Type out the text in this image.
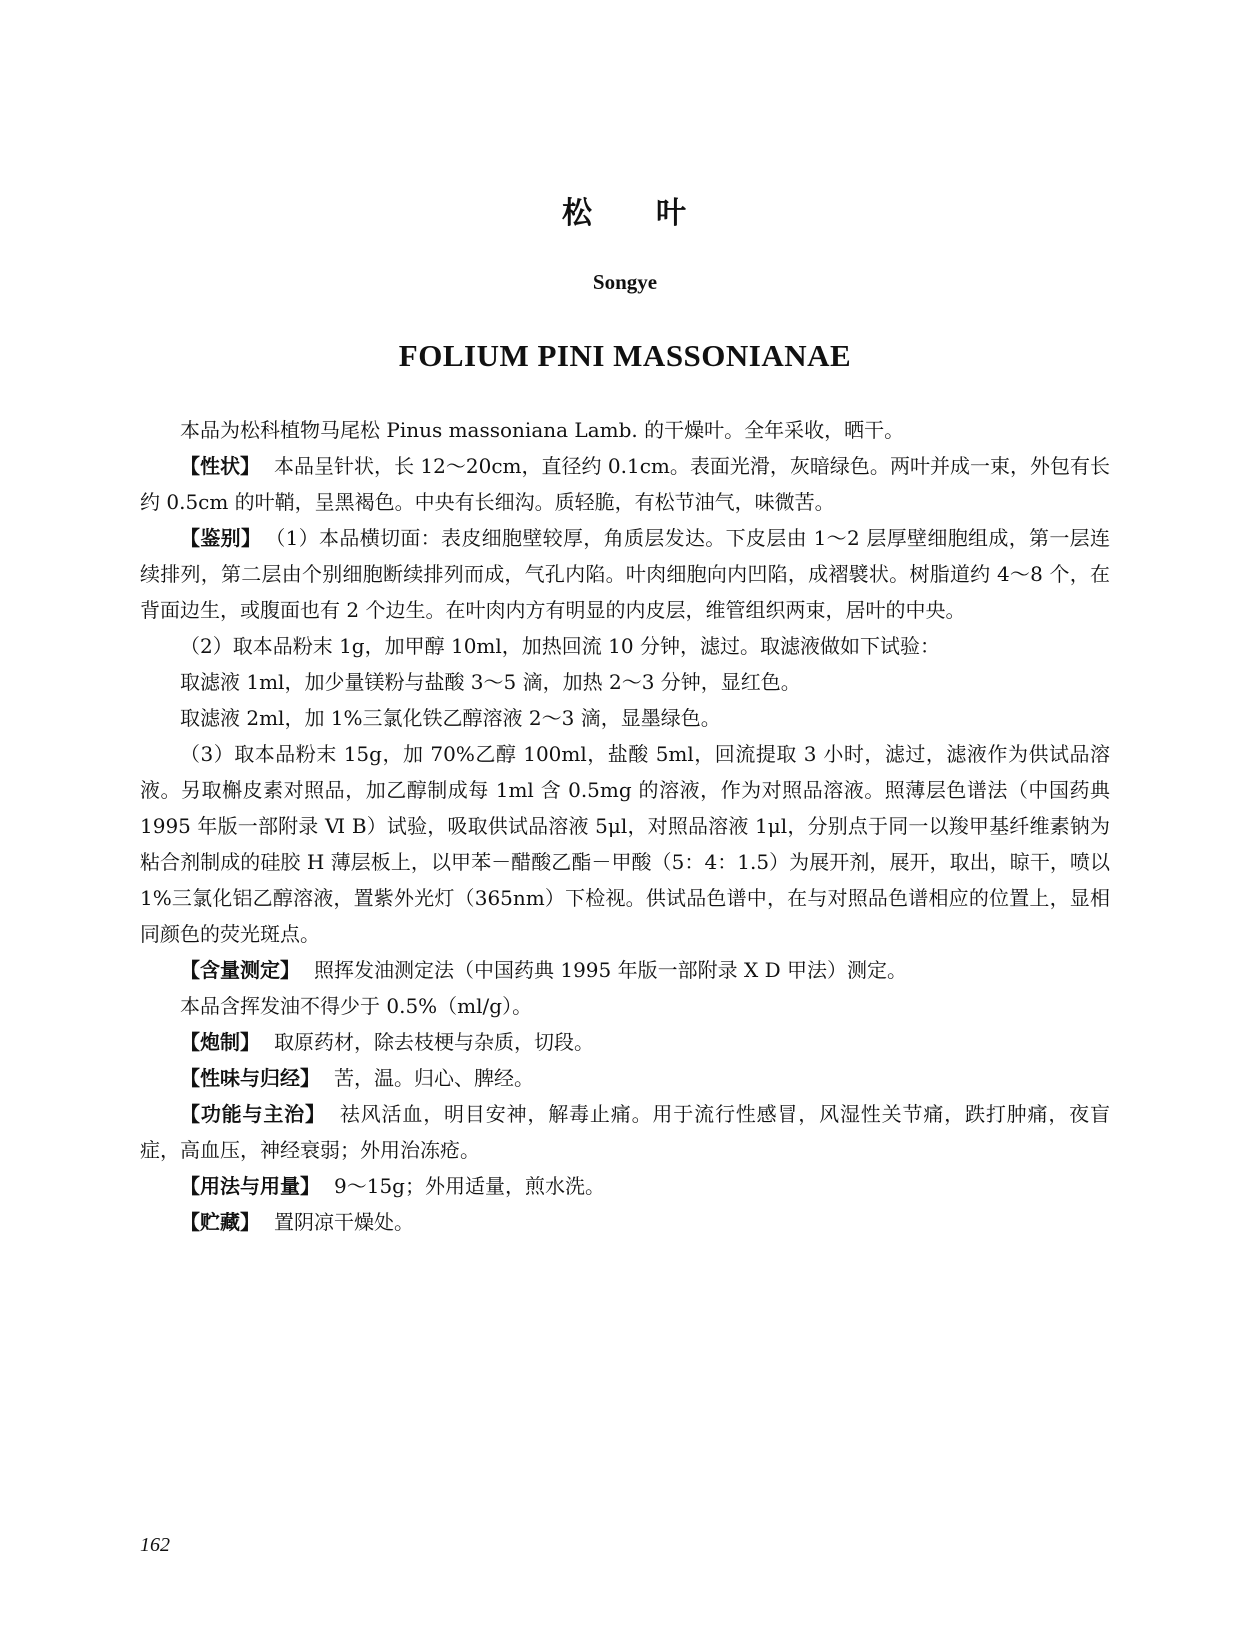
松 叶
Songye
FOLIUM PINI MASSONIANAE

本品为松科植物马尾松 Pinus massoniana Lamb. 的干燥叶。全年采收，晒干。

【性状】 本品呈针状，长 12～20cm，直径约 0.1cm。表面光滑，灰暗绿色。两叶并成一束，外包有长约 0.5cm 的叶鞘，呈黑褐色。中央有长细沟。质轻脆，有松节油气，味微苦。

【鉴别】 （1）本品横切面：表皮细胞壁较厚，角质层发达。下皮层由 1～2 层厚壁细胞组成，第一层连续排列，第二层由个别细胞断续排列而成，气孔内陷。叶肉细胞向内凹陷，成褶襞状。树脂道约 4～8 个，在背面边生，或腹面也有 2 个边生。在叶肉内方有明显的内皮层，维管组织两束，居叶的中央。

（2）取本品粉末 1g，加甲醇 10ml，加热回流 10 分钟，滤过。取滤液做如下试验：

取滤液 1ml，加少量镁粉与盐酸 3～5 滴，加热 2～3 分钟，显红色。

取滤液 2ml，加 1%三氯化铁乙醇溶液 2～3 滴，显墨绿色。

（3）取本品粉末 15g，加 70%乙醇 100ml，盐酸 5ml，回流提取 3 小时，滤过，滤液作为供试品溶液。另取槲皮素对照品，加乙醇制成每 1ml 含 0.5mg 的溶液，作为对照品溶液。照薄层色谱法（中国药典 1995 年版一部附录 Ⅵ B）试验，吸取供试品溶液 5μl，对照品溶液 1μl，分别点于同一以羧甲基纤维素钠为粘合剂制成的硅胶 H 薄层板上，以甲苯－醋酸乙酯－甲酸（5：4：1.5）为展开剂，展开，取出，晾干，喷以 1%三氯化铝乙醇溶液，置紫外光灯（365nm）下检视。供试品色谱中，在与对照品色谱相应的位置上，显相同颜色的荧光斑点。

【含量测定】 照挥发油测定法（中国药典 1995 年版一部附录 Ⅹ D 甲法）测定。

本品含挥发油不得少于 0.5%（ml/g）。

【炮制】 取原药材，除去枝梗与杂质，切段。

【性味与归经】 苦，温。归心、脾经。

【功能与主治】 祛风活血，明目安神，解毒止痛。用于流行性感冒，风湿性关节痛，跌打肿痛，夜盲症，高血压，神经衰弱；外用治冻疮。

【用法与用量】 9～15g；外用适量，煎水洗。

【贮藏】 置阴凉干燥处。

162
